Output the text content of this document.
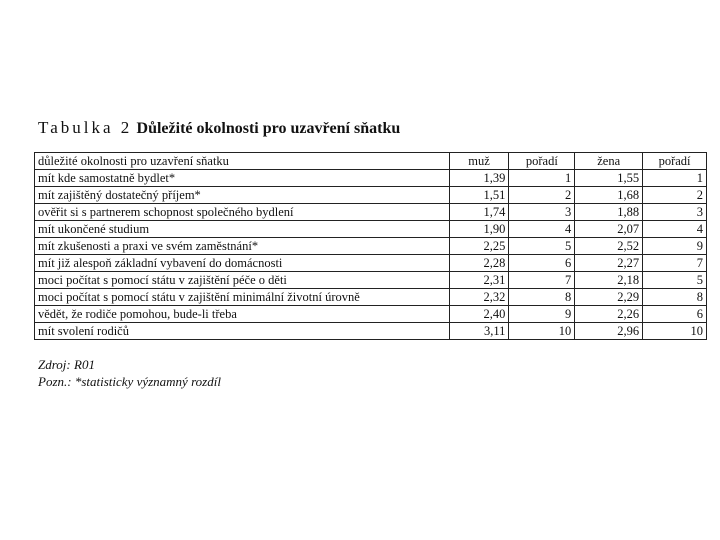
Tabulka 2 Důležité okolnosti pro uzavření sňatku
důležité okolnosti pro uzavření sňatku	muž	pořadí	žena	pořadí
mít kde samostatně bydlet*	1,39	1	1,55	1
mít zajištěný dostatečný příjem*	1,51	2	1,68	2
ověřit si s partnerem schopnost společného bydlení	1,74	3	1,88	3
mít ukončené studium	1,90	4	2,07	4
mít zkušenosti a praxi ve svém zaměstnání*	2,25	5	2,52	9
mít již alespoň základní vybavení do domácnosti	2,28	6	2,27	7
moci počítat s pomocí státu v zajištění péče o děti	2,31	7	2,18	5
moci počítat s pomocí státu v zajištění minimální životní úrovně	2,32	8	2,29	8
vědět, že rodiče pomohou, bude-li třeba	2,40	9	2,26	6
mít svolení rodičů	3,11	10	2,96	10
Zdroj: R01
Pozn.: *statisticky významný rozdíl
